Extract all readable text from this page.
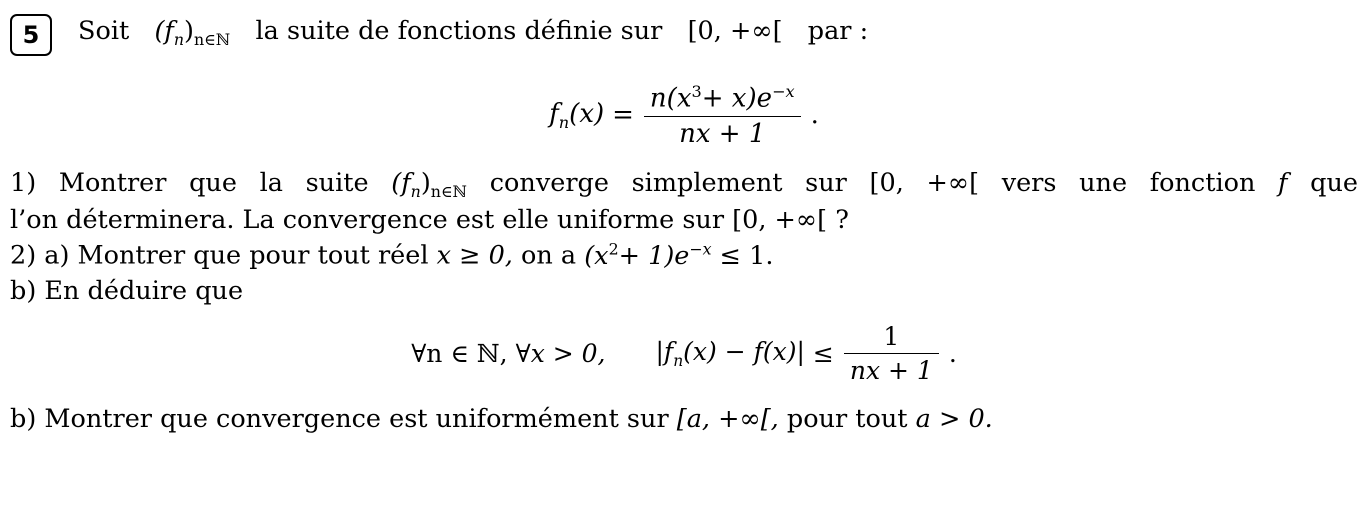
5 Soit $(f_n)_{n\in ℕ}$ la suite de fonctions définie sur [0, +∞[ par :
$f_n(x) = \frac{n(x^3+ x)e^{-x}}{nx + 1}$ .

1) Montrer que la suite $(f_n)_{n\in ℕ}$ converge simplement sur [0, +∞[ vers une fonction f que

l’on déterminera. La convergence est elle uniforme sur [0, +∞[ ?

2) a) Montrer que pour tout réel x ≥ 0, on a $(x^2+ 1)e^{-x} \le 1$.

b) En déduire que

∀n ∈ ℕ, ∀x > 0, $|f_n(x) - f(x)| \le \frac{1}{nx + 1}$ .

b) Montrer que convergence est uniformément sur [a, +∞[, pour tout a > 0.
